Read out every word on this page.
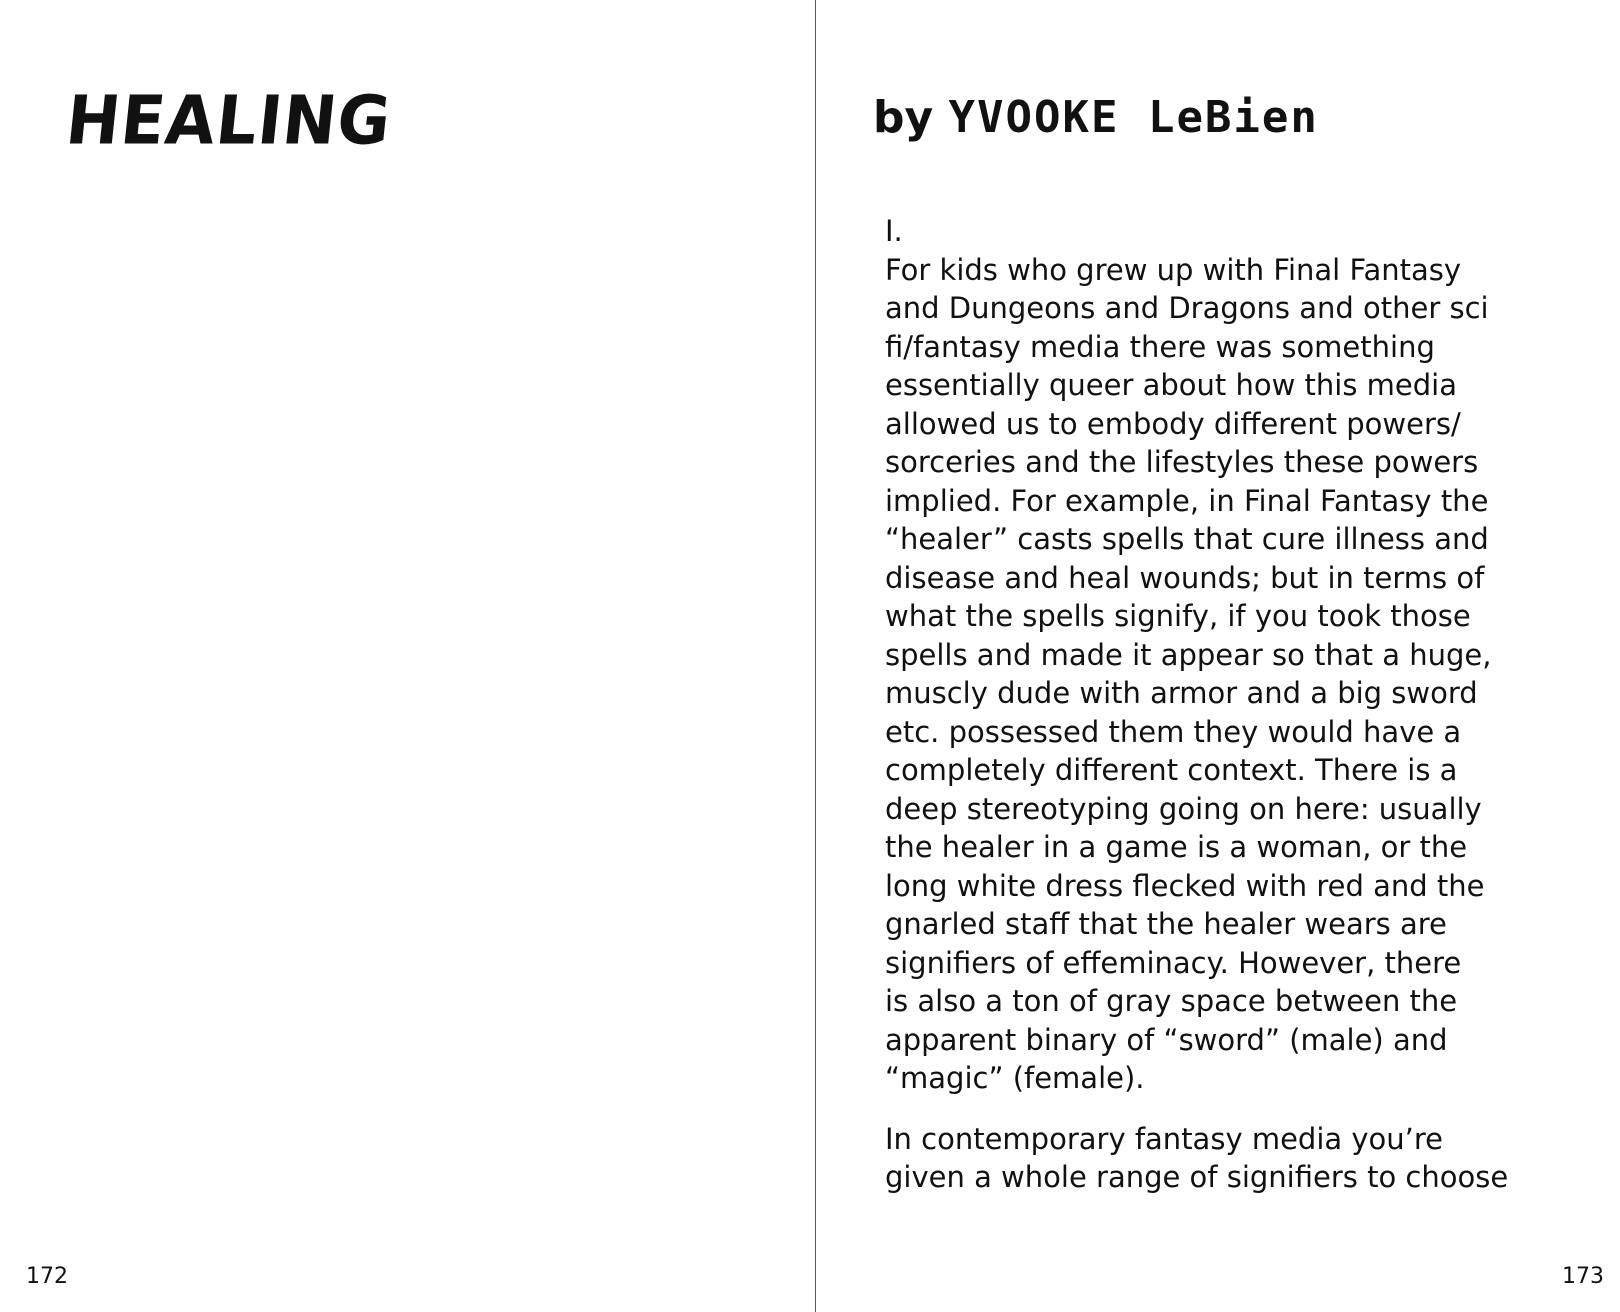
HEALING
172
by YVOOKE LeBien
I.

For kids who grew up with Final Fantasy
and Dungeons and Dragons and other sci
fi/fantasy media there was something
essentially queer about how this media
allowed us to embody different powers/
sorceries and the lifestyles these powers
implied. For example, in Final Fantasy the
“healer” casts spells that cure illness and
disease and heal wounds; but in terms of
what the spells signify, if you took those
spells and made it appear so that a huge,
muscly dude with armor and a big sword
etc. possessed them they would have a
completely different context. There is a
deep stereotyping going on here: usually
the healer in a game is a woman, or the
long white dress flecked with red and the
gnarled staff that the healer wears are
signifiers of effeminacy. However, there
is also a ton of gray space between the
apparent binary of “sword” (male) and
“magic” (female).

In contemporary fantasy media you’re
given a whole range of signifiers to choose

173
